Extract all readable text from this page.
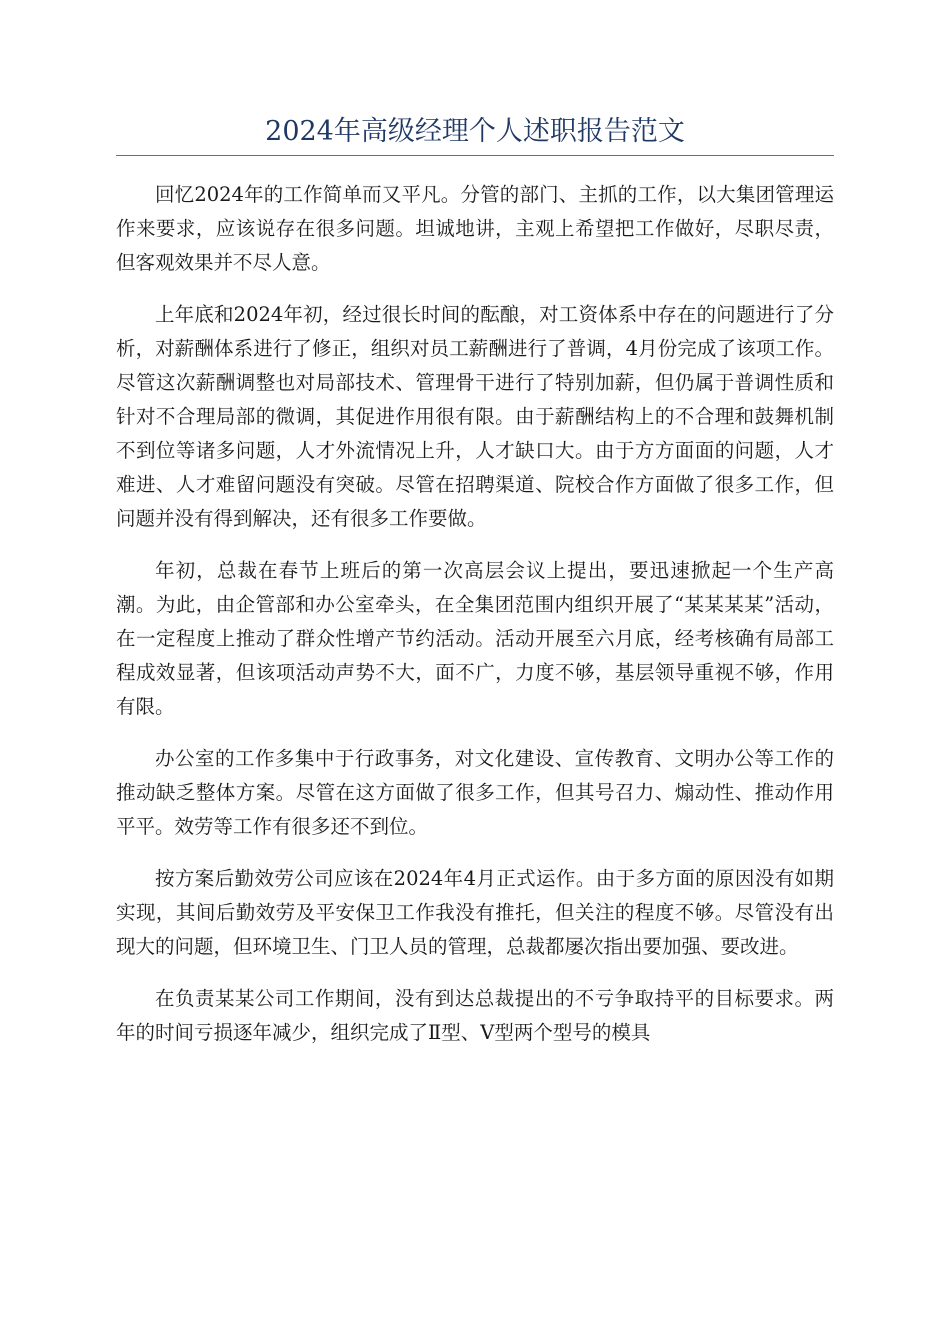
2024年高级经理个人述职报告范文

回忆2024年的工作简单而又平凡。分管的部门、主抓的工作，以大集团管理运作来要求，应该说存在很多问题。坦诚地讲，主观上希望把工作做好，尽职尽责，但客观效果并不尽人意。

上年底和2024年初，经过很长时间的酝酿，对工资体系中存在的问题进行了分析，对薪酬体系进行了修正，组织对员工薪酬进行了普调，4月份完成了该项工作。尽管这次薪酬调整也对局部技术、管理骨干进行了特别加薪，但仍属于普调性质和针对不合理局部的微调，其促进作用很有限。由于薪酬结构上的不合理和鼓舞机制不到位等诸多问题，人才外流情况上升，人才缺口大。由于方方面面的问题，人才难进、人才难留问题没有突破。尽管在招聘渠道、院校合作方面做了很多工作，但问题并没有得到解决，还有很多工作要做。

年初，总裁在春节上班后的第一次高层会议上提出，要迅速掀起一个生产高潮。为此，由企管部和办公室牵头，在全集团范围内组织开展了“某某某某”活动，在一定程度上推动了群众性增产节约活动。活动开展至六月底，经考核确有局部工程成效显著，但该项活动声势不大，面不广，力度不够，基层领导重视不够，作用有限。

办公室的工作多集中于行政事务，对文化建设、宣传教育、文明办公等工作的推动缺乏整体方案。尽管在这方面做了很多工作，但其号召力、煽动性、推动作用平平。效劳等工作有很多还不到位。

按方案后勤效劳公司应该在2024年4月正式运作。由于多方面的原因没有如期实现，其间后勤效劳及平安保卫工作我没有推托，但关注的程度不够。尽管没有出现大的问题，但环境卫生、门卫人员的管理，总裁都屡次指出要加强、要改进。

在负责某某公司工作期间，没有到达总裁提出的不亏争取持平的目标要求。两年的时间亏损逐年减少，组织完成了Ⅱ型、Ⅴ型两个型号的模具
